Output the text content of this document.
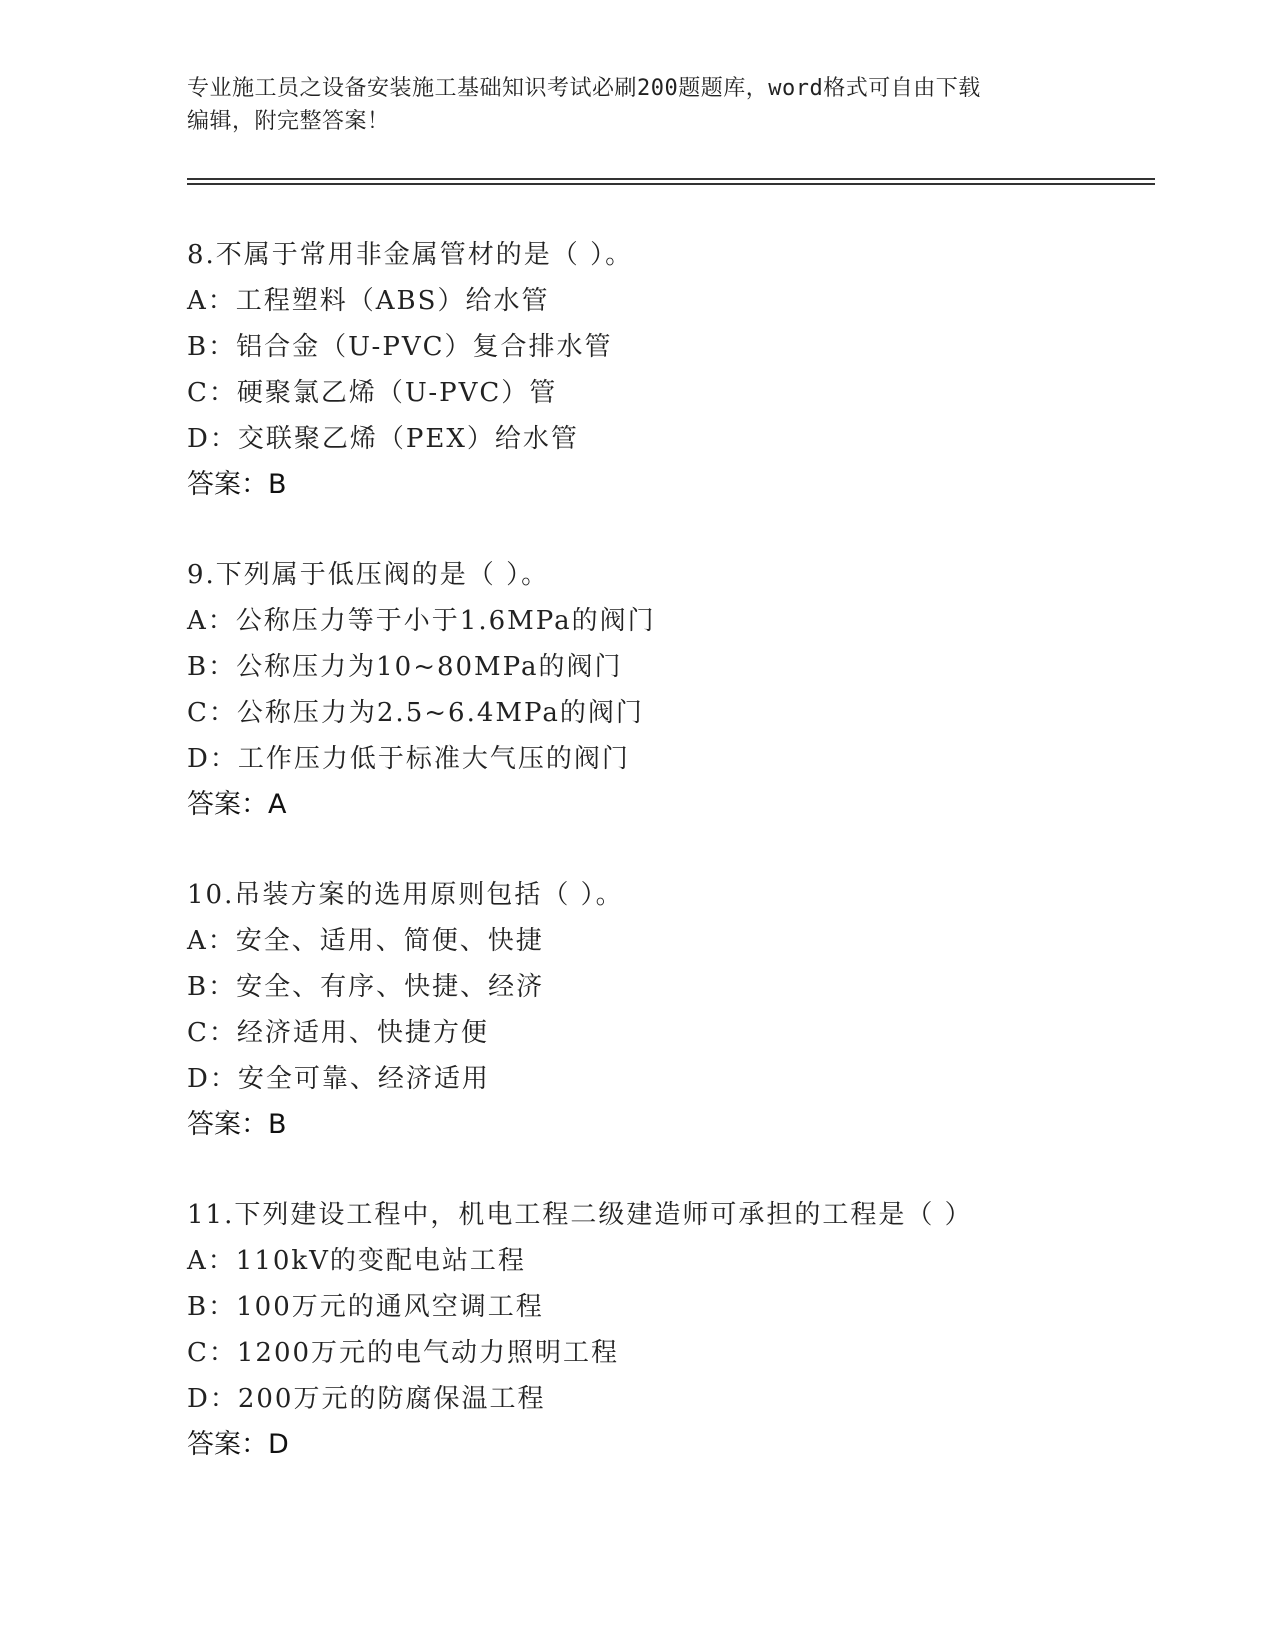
专业施工员之设备安装施工基础知识考试必刷200题题库，word格式可自由下载
编辑，附完整答案！
8.不属于常用非金属管材的是（ ）。
A：工程塑料（ABS）给水管
B：铝合金（U-PVC）复合排水管
C：硬聚氯乙烯（U-PVC）管
D：交联聚乙烯（PEX）给水管
答案：B
9.下列属于低压阀的是（ ）。
A：公称压力等于小于1.6MPa的阀门
B：公称压力为10~80MPa的阀门
C：公称压力为2.5~6.4MPa的阀门
D：工作压力低于标准大气压的阀门
答案：A
10.吊装方案的选用原则包括（ ）。
A：安全、适用、简便、快捷
B：安全、有序、快捷、经济
C：经济适用、快捷方便
D：安全可靠、经济适用
答案：B
11.下列建设工程中，机电工程二级建造师可承担的工程是（ ）
A：110kV的变配电站工程
B：100万元的通风空调工程
C：1200万元的电气动力照明工程
D：200万元的防腐保温工程
答案：D
